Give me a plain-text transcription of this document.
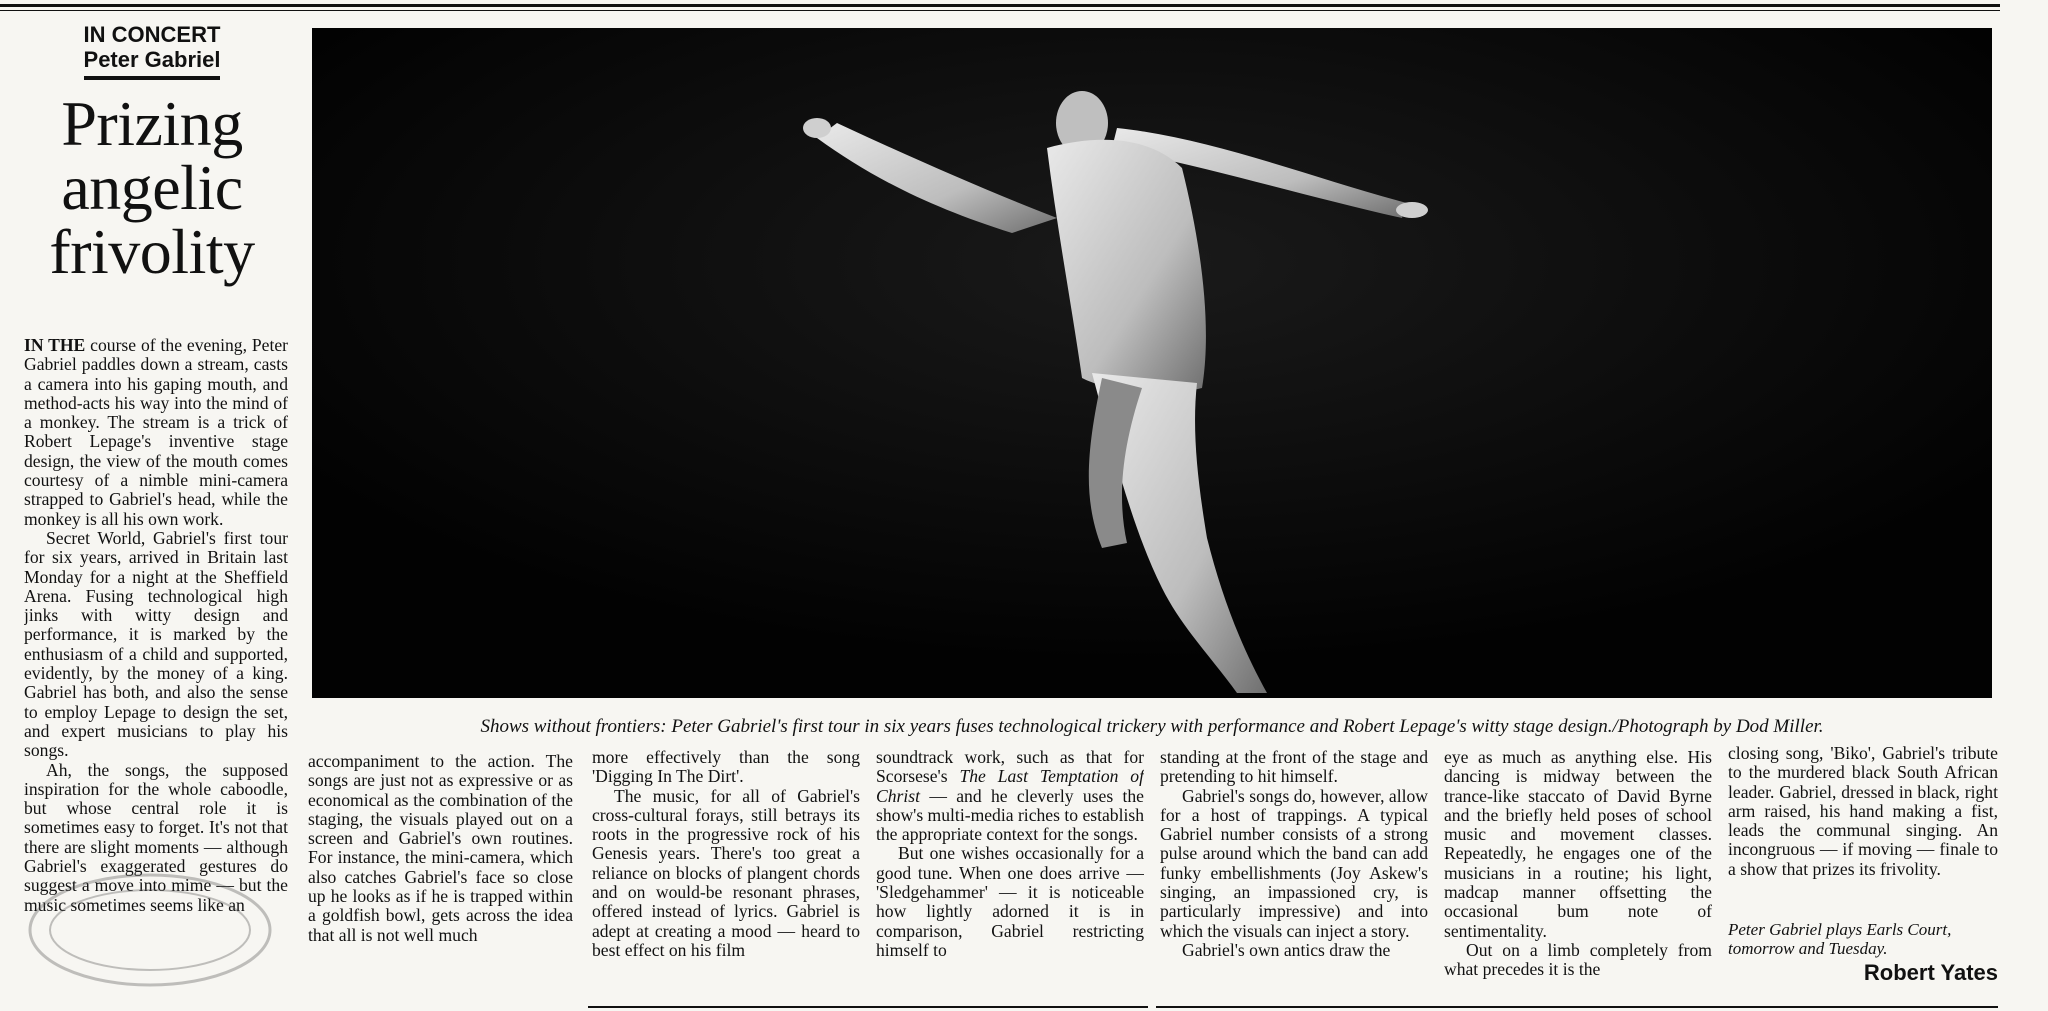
IN CONCERT
Peter Gabriel
Prizing
angelic
frivolity
Shows without frontiers: Peter Gabriel's first tour in six years fuses technological trickery with performance and Robert Lepage's witty stage design./Photograph by Dod Miller.

IN THE course of the evening, Peter Gabriel paddles down a stream, casts a camera into his gaping mouth, and method-acts his way into the mind of a monkey. The stream is a trick of Robert Lepage's inventive stage design, the view of the mouth comes courtesy of a nimble mini-camera strapped to Gabriel's head, while the monkey is all his own work.

Secret World, Gabriel's first tour for six years, arrived in Britain last Monday for a night at the Sheffield Arena. Fusing technological high jinks with witty design and performance, it is marked by the enthusiasm of a child and supported, evidently, by the money of a king. Gabriel has both, and also the sense to employ Lepage to design the set, and expert musicians to play his songs.

Ah, the songs, the supposed inspiration for the whole caboodle, but whose central role it is sometimes easy to forget. It's not that there are slight moments — although Gabriel's exaggerated gestures do suggest a move into mime — but the music sometimes seems like an

accompaniment to the action. The songs are just not as expressive or as economical as the combination of the staging, the visuals played out on a screen and Gabriel's own routines. For instance, the mini-camera, which also catches Gabriel's face so close up he looks as if he is trapped within a goldfish bowl, gets across the idea that all is not well much

more effectively than the song 'Digging In The Dirt'.

The music, for all of Gabriel's cross-cultural forays, still betrays its roots in the progressive rock of his Genesis years. There's too great a reliance on blocks of plangent chords and on would-be resonant phrases, offered instead of lyrics. Gabriel is adept at creating a mood — heard to best effect on his film

soundtrack work, such as that for Scorsese's The Last Temptation of Christ — and he cleverly uses the show's multi-media riches to establish the appropriate context for the songs.

But one wishes occasionally for a good tune. When one does arrive — 'Sledgehammer' — it is noticeable how lightly adorned it is in comparison, Gabriel restricting himself to

standing at the front of the stage and pretending to hit himself.

Gabriel's songs do, however, allow for a host of trappings. A typical Gabriel number consists of a strong pulse around which the band can add funky embellishments (Joy Askew's singing, an impassioned cry, is particularly impressive) and into which the visuals can inject a story.

Gabriel's own antics draw the

eye as much as anything else. His dancing is midway between the trance-like staccato of David Byrne and the briefly held poses of school music and movement classes. Repeatedly, he engages one of the musicians in a routine; his light, madcap manner offsetting the occasional bum note of sentimentality.

Out on a limb completely from what precedes it is the

closing song, 'Biko', Gabriel's tribute to the murdered black South African leader. Gabriel, dressed in black, right arm raised, his hand making a fist, leads the communal singing. An incongruous — if moving — finale to a show that prizes its frivolity.

Peter Gabriel plays Earls Court, tomorrow and Tuesday.
Robert Yates
